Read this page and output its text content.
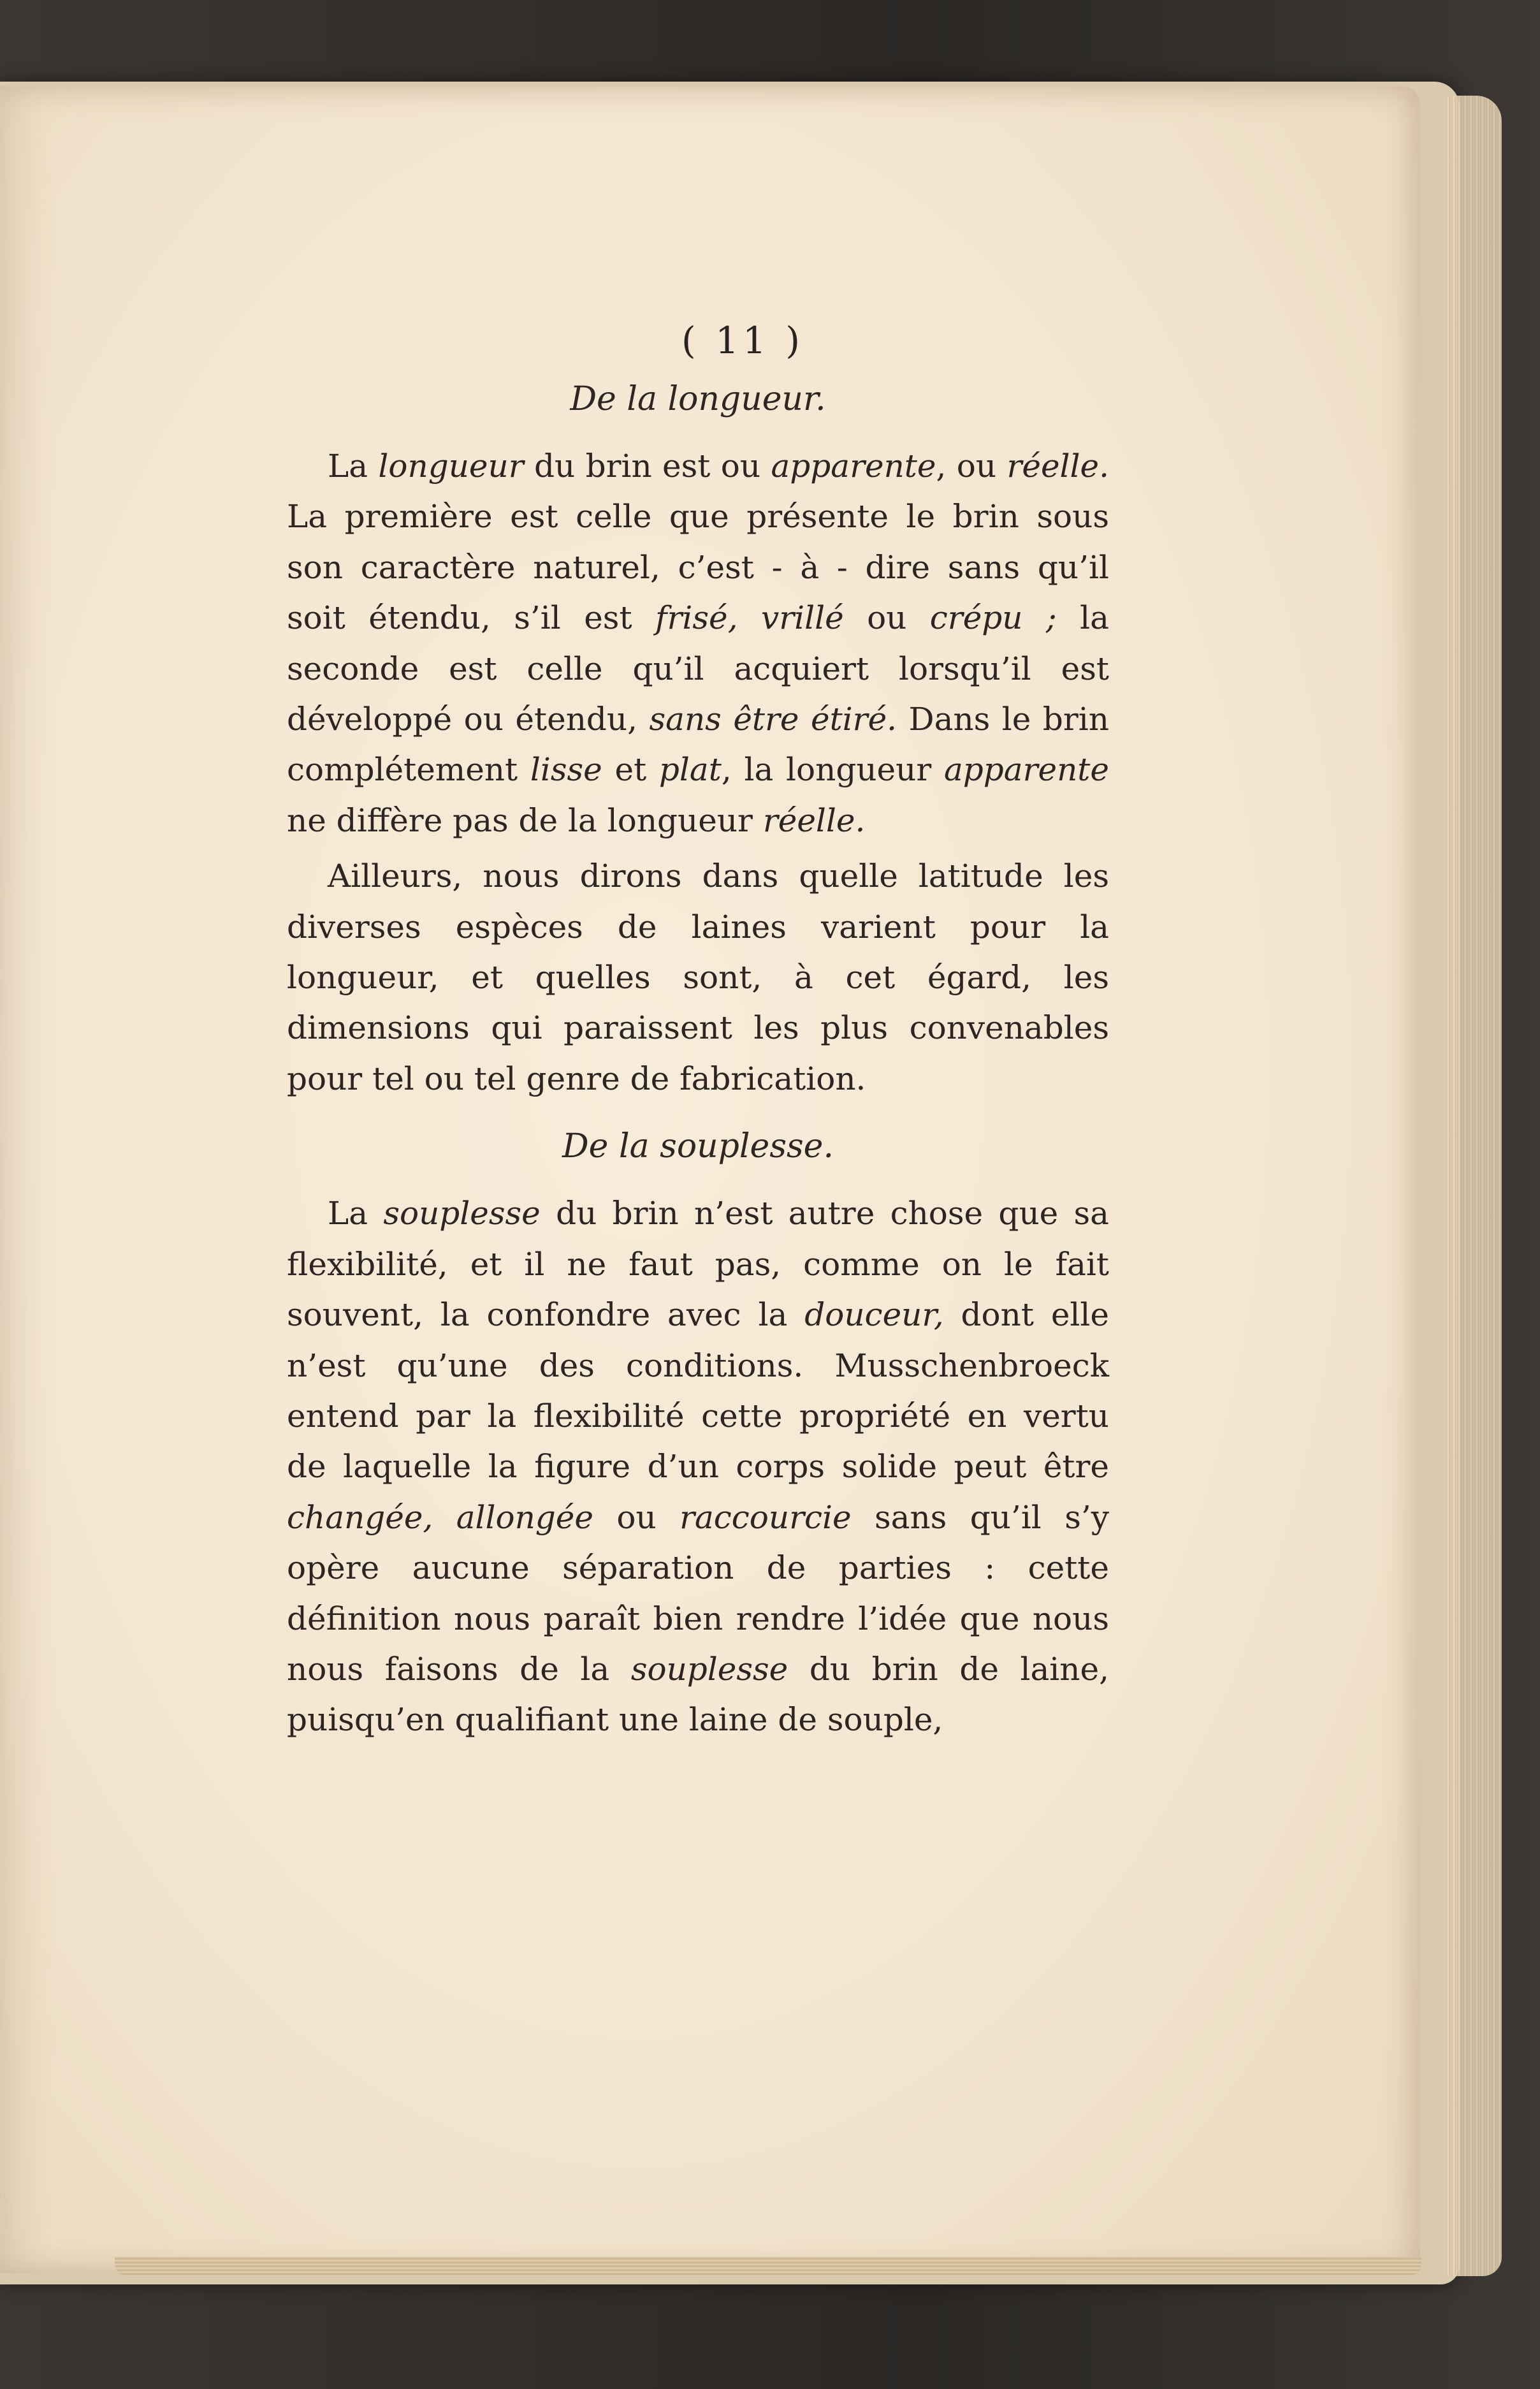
( 11 )
De la longueur.

La longueur du brin est ou apparente, ou réelle. La première est celle que présente le brin sous son caractère naturel, c’est - à - dire sans qu’il soit étendu, s’il est frisé, vrillé ou crépu ; la seconde est celle qu’il acquiert lorsqu’il est développé ou étendu, sans être étiré. Dans le brin complétement lisse et plat, la longueur apparente ne diffère pas de la longueur réelle.

Ailleurs, nous dirons dans quelle latitude les diverses espèces de laines varient pour la longueur, et quelles sont, à cet égard, les dimensions qui paraissent les plus convenables pour tel ou tel genre de fabrication.

De la souplesse.

La souplesse du brin n’est autre chose que sa flexibilité, et il ne faut pas, comme on le fait souvent, la confondre avec la douceur, dont elle n’est qu’une des conditions. Musschenbroeck entend par la flexibilité cette propriété en vertu de laquelle la figure d’un corps solide peut être changée, allongée ou raccourcie sans qu’il s’y opère aucune séparation de parties : cette définition nous paraît bien rendre l’idée que nous nous faisons de la souplesse du brin de laine, puisqu’en qualifiant une laine de souple,
